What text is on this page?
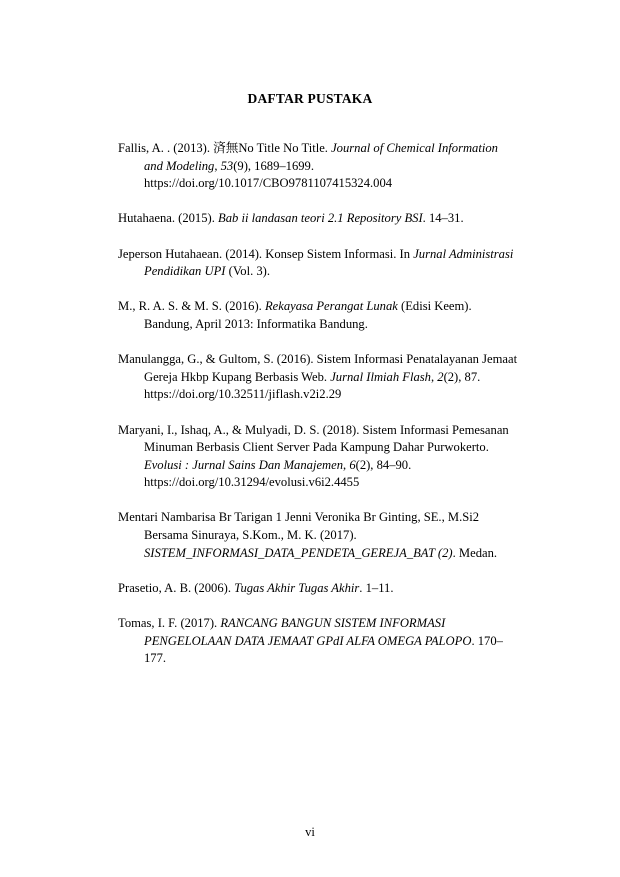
DAFTAR PUSTAKA

Fallis, A. . (2013). 済無No Title No Title. Journal of Chemical Information and Modeling, 53(9), 1689–1699. https://doi.org/10.1017/CBO9781107415324.004

Hutahaena. (2015). Bab ii landasan teori 2.1 Repository BSI. 14–31.

Jeperson Hutahaean. (2014). Konsep Sistem Informasi. In Jurnal Administrasi Pendidikan UPI (Vol. 3).

M., R. A. S. & M. S. (2016). Rekayasa Perangat Lunak (Edisi Keem). Bandung, April 2013: Informatika Bandung.

Manulangga, G., & Gultom, S. (2016). Sistem Informasi Penatalayanan Jemaat Gereja Hkbp Kupang Berbasis Web. Jurnal Ilmiah Flash, 2(2), 87. https://doi.org/10.32511/jiflash.v2i2.29

Maryani, I., Ishaq, A., & Mulyadi, D. S. (2018). Sistem Informasi Pemesanan Minuman Berbasis Client Server Pada Kampung Dahar Purwokerto. Evolusi : Jurnal Sains Dan Manajemen, 6(2), 84–90. https://doi.org/10.31294/evolusi.v6i2.4455

Mentari Nambarisa Br Tarigan 1 Jenni Veronika Br Ginting, SE., M.Si2 Bersama Sinuraya, S.Kom., M. K. (2017). SISTEM_INFORMASI_DATA_PENDETA_GEREJA_BAT (2). Medan.

Prasetio, A. B. (2006). Tugas Akhir Tugas Akhir. 1–11.

Tomas, I. F. (2017). RANCANG BANGUN SISTEM INFORMASI PENGELOLAAN DATA JEMAAT GPdI ALFA OMEGA PALOPO. 170–177.

vi
